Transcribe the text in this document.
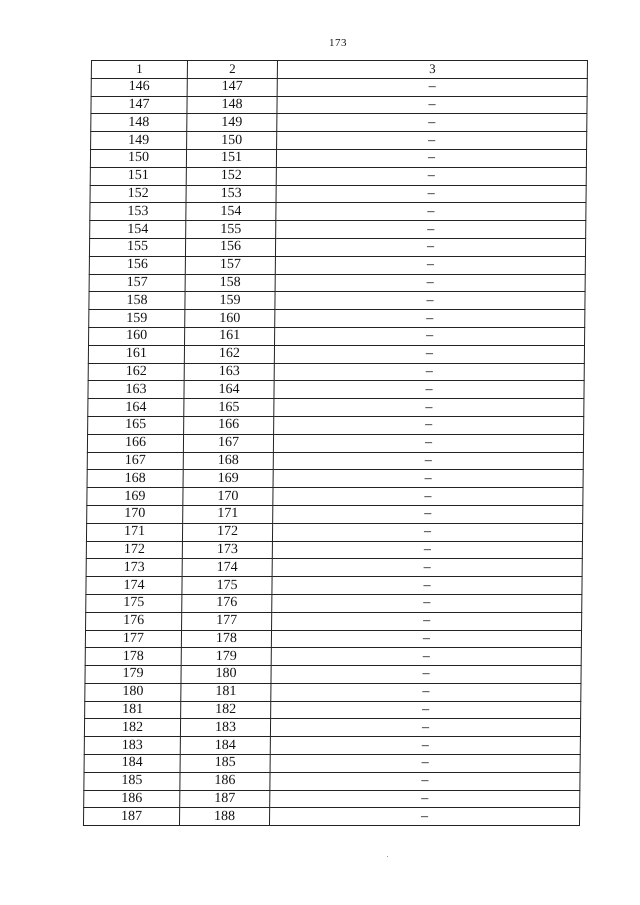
173
1	2	3
146	147	–
147	148	–
148	149	–
149	150	–
150	151	–
151	152	–
152	153	–
153	154	–
154	155	–
155	156	–
156	157	–
157	158	–
158	159	–
159	160	–
160	161	–
161	162	–
162	163	–
163	164	–
164	165	–
165	166	–
166	167	–
167	168	–
168	169	–
169	170	–
170	171	–
171	172	–
172	173	–
173	174	–
174	175	–
175	176	–
176	177	–
177	178	–
178	179	–
179	180	–
180	181	–
181	182	–
182	183	–
183	184	–
184	185	–
185	186	–
186	187	–
187	188	–
